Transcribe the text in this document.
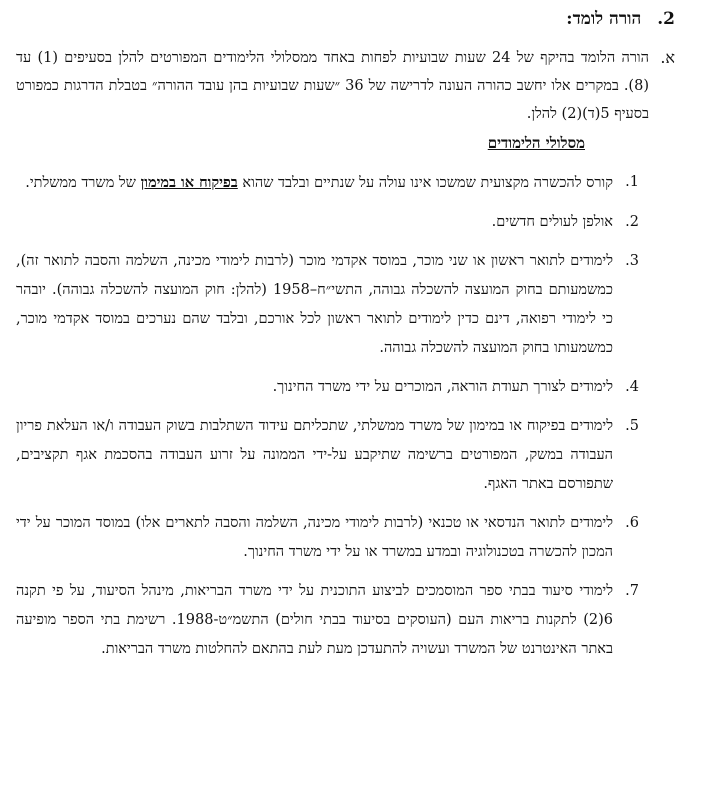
2. הורה לומד:
א.
הורה הלומד בהיקף של 24 שעות שבועיות לפחות באחד ממסלולי הלימודים המפורטים להלן בסעיפים (1) עד (8). במקרים אלו יחשב כהורה העונה לדרישה של 36 ״שעות שבועיות בהן עובד ההורה״ בטבלת הדרגות כמפורט בסעיף 5(ד)(2) להלן.
מסלולי הלימודים
1.
קורס להכשרה מקצועית שמשכו אינו עולה על שנתיים ובלבד שהוא בפיקוח או במימון של משרד ממשלתי.
2.
אולפן לעולים חדשים.
3.
לימודים לתואר ראשון או שני מוכר, במוסד אקדמי מוכר (לרבות לימודי מכינה, השלמה והסבה לתואר זה), כמשמעותם בחוק המועצה להשכלה גבוהה, התשי״ח–1958 (להלן: חוק המועצה להשכלה גבוהה). יובהר כי לימודי רפואה, דינם כדין לימודים לתואר ראשון לכל אורכם, ובלבד שהם נערכים במוסד אקדמי מוכר, כמשמעותו בחוק המועצה להשכלה גבוהה.
4.
לימודים לצורך תעודת הוראה, המוכרים על ידי משרד החינוך.
5.
לימודים בפיקוח או במימון של משרד ממשלתי, שתכליתם עידוד השתלבות בשוק העבודה ו/או העלאת פריון העבודה במשק, המפורטים ברשימה שתיקבע על-ידי הממונה על זרוע העבודה בהסכמת אגף תקציבים, שתפורסם באתר האגף.
6.
לימודים לתואר הנדסאי או טכנאי (לרבות לימודי מכינה, השלמה והסבה לתארים אלו) במוסד המוכר על ידי המכון להכשרה בטכנולוגיה ובמדע במשרד או על ידי משרד החינוך.
7.
לימודי סיעוד בבתי ספר המוסמכים לביצוע התוכנית על ידי משרד הבריאות, מינהל הסיעוד, על פי תקנה 6(2) לתקנות בריאות העם (העוסקים בסיעוד בבתי חולים) התשמ״ט-1988. רשימת בתי הספר מופיעה באתר האינטרנט של המשרד ועשויה להתעדכן מעת לעת בהתאם להחלטות משרד הבריאות.
